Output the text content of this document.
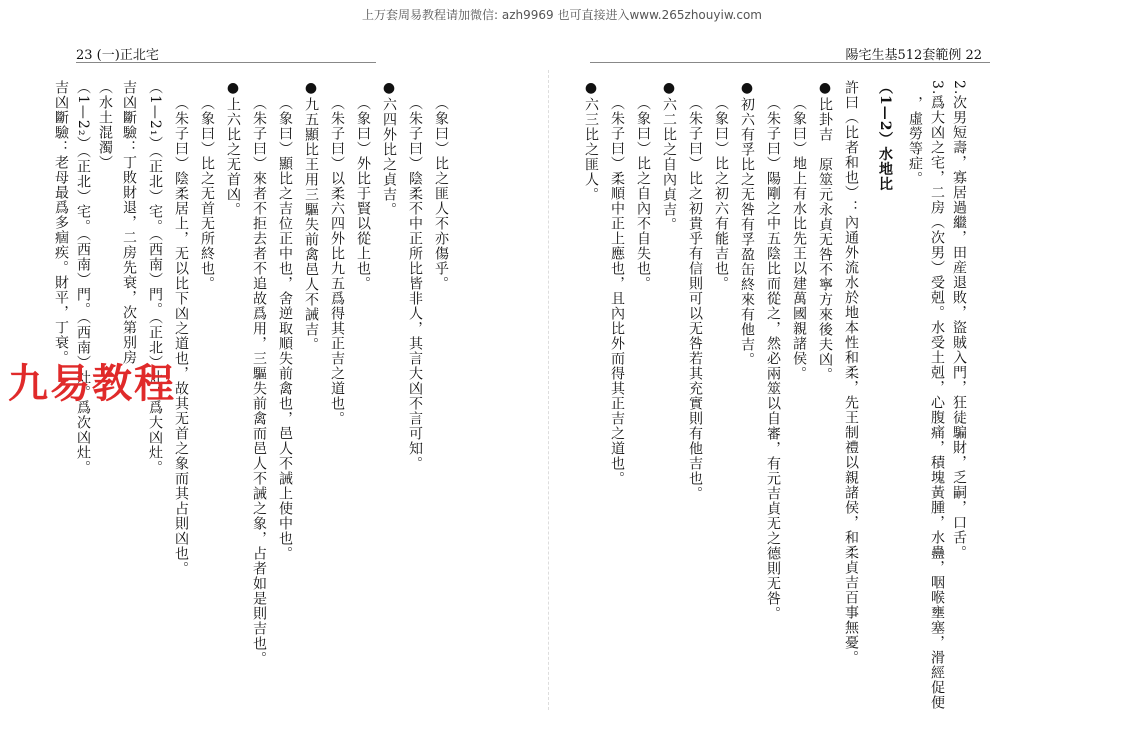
上万套周易教程请加微信: azh9969 也可直接进入www.265zhouyiw.com
23 (一)正北宅	陽宅生基512套範例 22
2.次男短壽，寡居過繼，田産退敗，盜賊入門，狂徒騙財，乏嗣，口舌。
3.爲大凶之宅，二房（次男）受剋。水受土剋，心腹痛，積塊黃腫，水蠱，咽喉壅塞，滑經促便
，虛勞等症。
（1—2）水地比
許曰（比者和也）：內通外流水於地本性和柔，先王制禮以親諸侯，和柔貞吉百事無憂。
●比卦吉　原筮元永貞无咎不寧方來後夫凶。
（象曰）地上有水比先王以建萬國親諸侯。
（朱子曰）陽剛之中五陰比而從之，然必兩筮以自審，有元吉貞无之德則无咎。
●初六有孚比之无咎有孚盈缶終來有他吉。
（象曰）比之初六有能吉也。
（朱子曰）比之初貴乎有信則可以无咎若其充實則有他吉也。
●六二比之自內貞吉。
（象曰）比之自內不自失也。
（朱子曰）柔順中正上應也，且內比外而得其正吉之道也。
●六三比之匪人。
（象曰）比之匪人不亦傷乎。
（朱子曰）陰柔不中正所比皆非人，其言大凶不言可知。
●六四外比之貞吉。
（象曰）外比于賢以從上也。
（朱子曰）以柔六四外比九五爲得其正吉之道也。
●九五顯比王用三驅失前禽邑人不誡吉。
（象曰）顯比之吉位正中也，舍逆取順失前禽也，邑人不誡上使中也。
（朱子曰）來者不拒去者不追故爲用，三驅失前禽而邑人不誡之象，占者如是則吉也。
●上六比之无首凶。
（象曰）比之无首无所終也。
（朱子曰）陰柔居上，无以比下凶之道也，故其无首之象而其占則凶也。
（1—2₁）（正北）宅。（西南）門。（正北）灶。爲大凶灶。
吉凶斷驗：丁敗財退，二房先衰，次第別房
（水土混濁）
（1—2₂）（正北）宅。（西南）門。（西南）灶。爲次凶灶。
吉凶斷驗：老母最爲多痼疾。財平，丁衰。
九易教程
